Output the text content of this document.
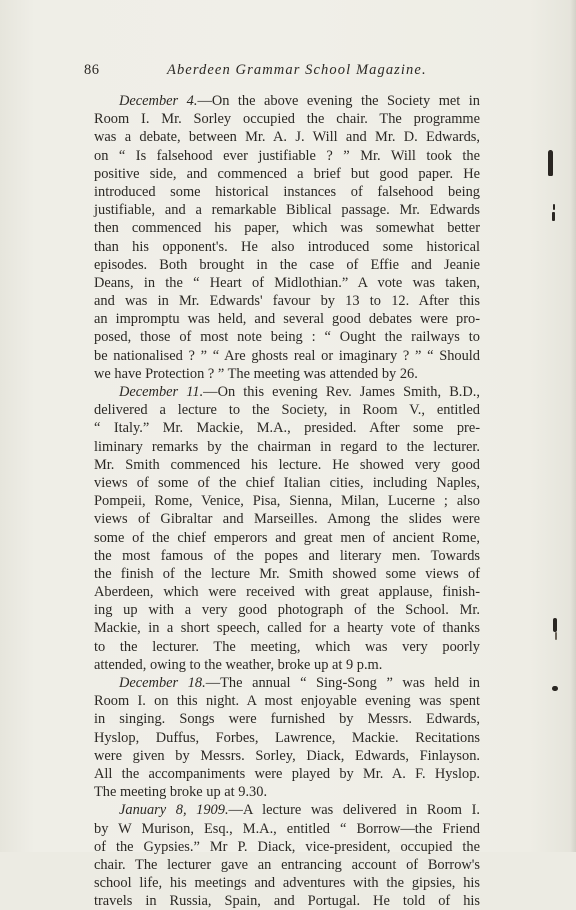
86	Aberdeen Grammar School Magazine.
December 4.—On the above evening the Society met in
Room I. Mr. Sorley occupied the chair. The programme
was a debate, between Mr. A. J. Will and Mr. D. Edwards,
on “ Is falsehood ever justifiable ? ” Mr. Will took the
positive side, and commenced a brief but good paper. He
introduced some historical instances of falsehood being
justifiable, and a remarkable Biblical passage. Mr. Edwards
then commenced his paper, which was somewhat better
than his opponent's. He also introduced some historical
episodes. Both brought in the case of Effie and Jeanie
Deans, in the “ Heart of Midlothian.” A vote was taken,
and was in Mr. Edwards' favour by 13 to 12. After this
an impromptu was held, and several good debates were pro-
posed, those of most note being : “ Ought the railways to
be nationalised ? ” “ Are ghosts real or imaginary ? ” “ Should
we have Protection ? ” The meeting was attended by 26.
December 11.—On this evening Rev. James Smith, B.D.,
delivered a lecture to the Society, in Room V., entitled
“ Italy.” Mr. Mackie, M.A., presided. After some pre-
liminary remarks by the chairman in regard to the lecturer.
Mr. Smith commenced his lecture. He showed very good
views of some of the chief Italian cities, including Naples,
Pompeii, Rome, Venice, Pisa, Sienna, Milan, Lucerne ; also
views of Gibraltar and Marseilles. Among the slides were
some of the chief emperors and great men of ancient Rome,
the most famous of the popes and literary men. Towards
the finish of the lecture Mr. Smith showed some views of
Aberdeen, which were received with great applause, finish-
ing up with a very good photograph of the School. Mr.
Mackie, in a short speech, called for a hearty vote of thanks
to the lecturer. The meeting, which was very poorly
attended, owing to the weather, broke up at 9 p.m.
December 18.—The annual “ Sing-Song ” was held in
Room I. on this night. A most enjoyable evening was spent
in singing. Songs were furnished by Messrs. Edwards,
Hyslop, Duffus, Forbes, Lawrence, Mackie. Recitations
were given by Messrs. Sorley, Diack, Edwards, Finlayson.
All the accompaniments were played by Mr. A. F. Hyslop.
The meeting broke up at 9.30.
January 8, 1909.—A lecture was delivered in Room I.
by W Murison, Esq., M.A., entitled “ Borrow—the Friend
of the Gypsies.” Mr P. Diack, vice-president, occupied the
chair. The lecturer gave an entrancing account of Borrow's
school life, his meetings and adventures with the gipsies, his
travels in Russia, Spain, and Portugal. He told of his
